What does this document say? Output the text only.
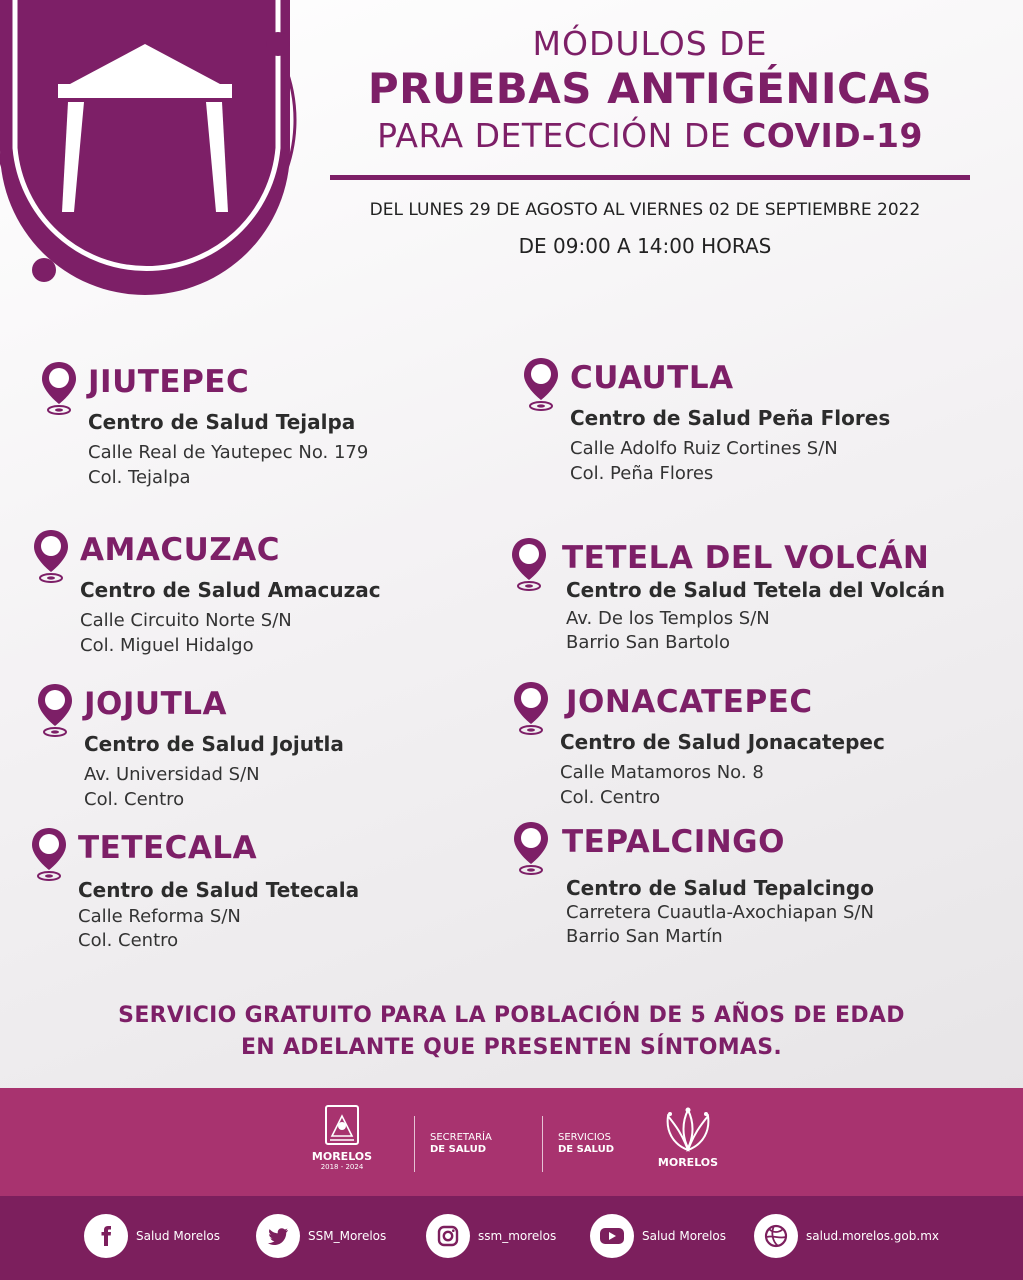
MÓDULOS DE
PRUEBAS ANTIGÉNICAS
PARA DETECCIÓN DE COVID-19
DEL LUNES 29 DE AGOSTO AL VIERNES 02 DE SEPTIEMBRE 2022
DE 09:00 A 14:00 HORAS
JIUTEPEC
Centro de Salud Tejalpa
Calle Real de Yautepec No. 179
Col. Tejalpa
CUAUTLA
Centro de Salud Peña Flores
Calle Adolfo Ruiz Cortines S/N
Col. Peña Flores
AMACUZAC
Centro de Salud Amacuzac
Calle Circuito Norte S/N
Col. Miguel Hidalgo
TETELA DEL VOLCÁN
Centro de Salud Tetela del Volcán
Av. De los Templos S/N
Barrio San Bartolo
JOJUTLA
Centro de Salud Jojutla
Av. Universidad S/N
Col. Centro
JONACATEPEC
Centro de Salud Jonacatepec
Calle Matamoros No. 8
Col. Centro
TETECALA
Centro de Salud Tetecala
Calle Reforma S/N
Col. Centro
TEPALCINGO
Centro de Salud Tepalcingo
Carretera Cuautla-Axochiapan S/N
Barrio San Martín
SERVICIO GRATUITO PARA LA POBLACIÓN DE 5 AÑOS DE EDAD
EN ADELANTE QUE PRESENTEN SÍNTOMAS.
MORELOS
2018 - 2024
SECRETARÍA
DE SALUD
SERVICIOS
DE SALUD
MORELOS
Salud Morelos	SSM_Morelos	ssm_morelos	Salud Morelos	salud.morelos.gob.mx
